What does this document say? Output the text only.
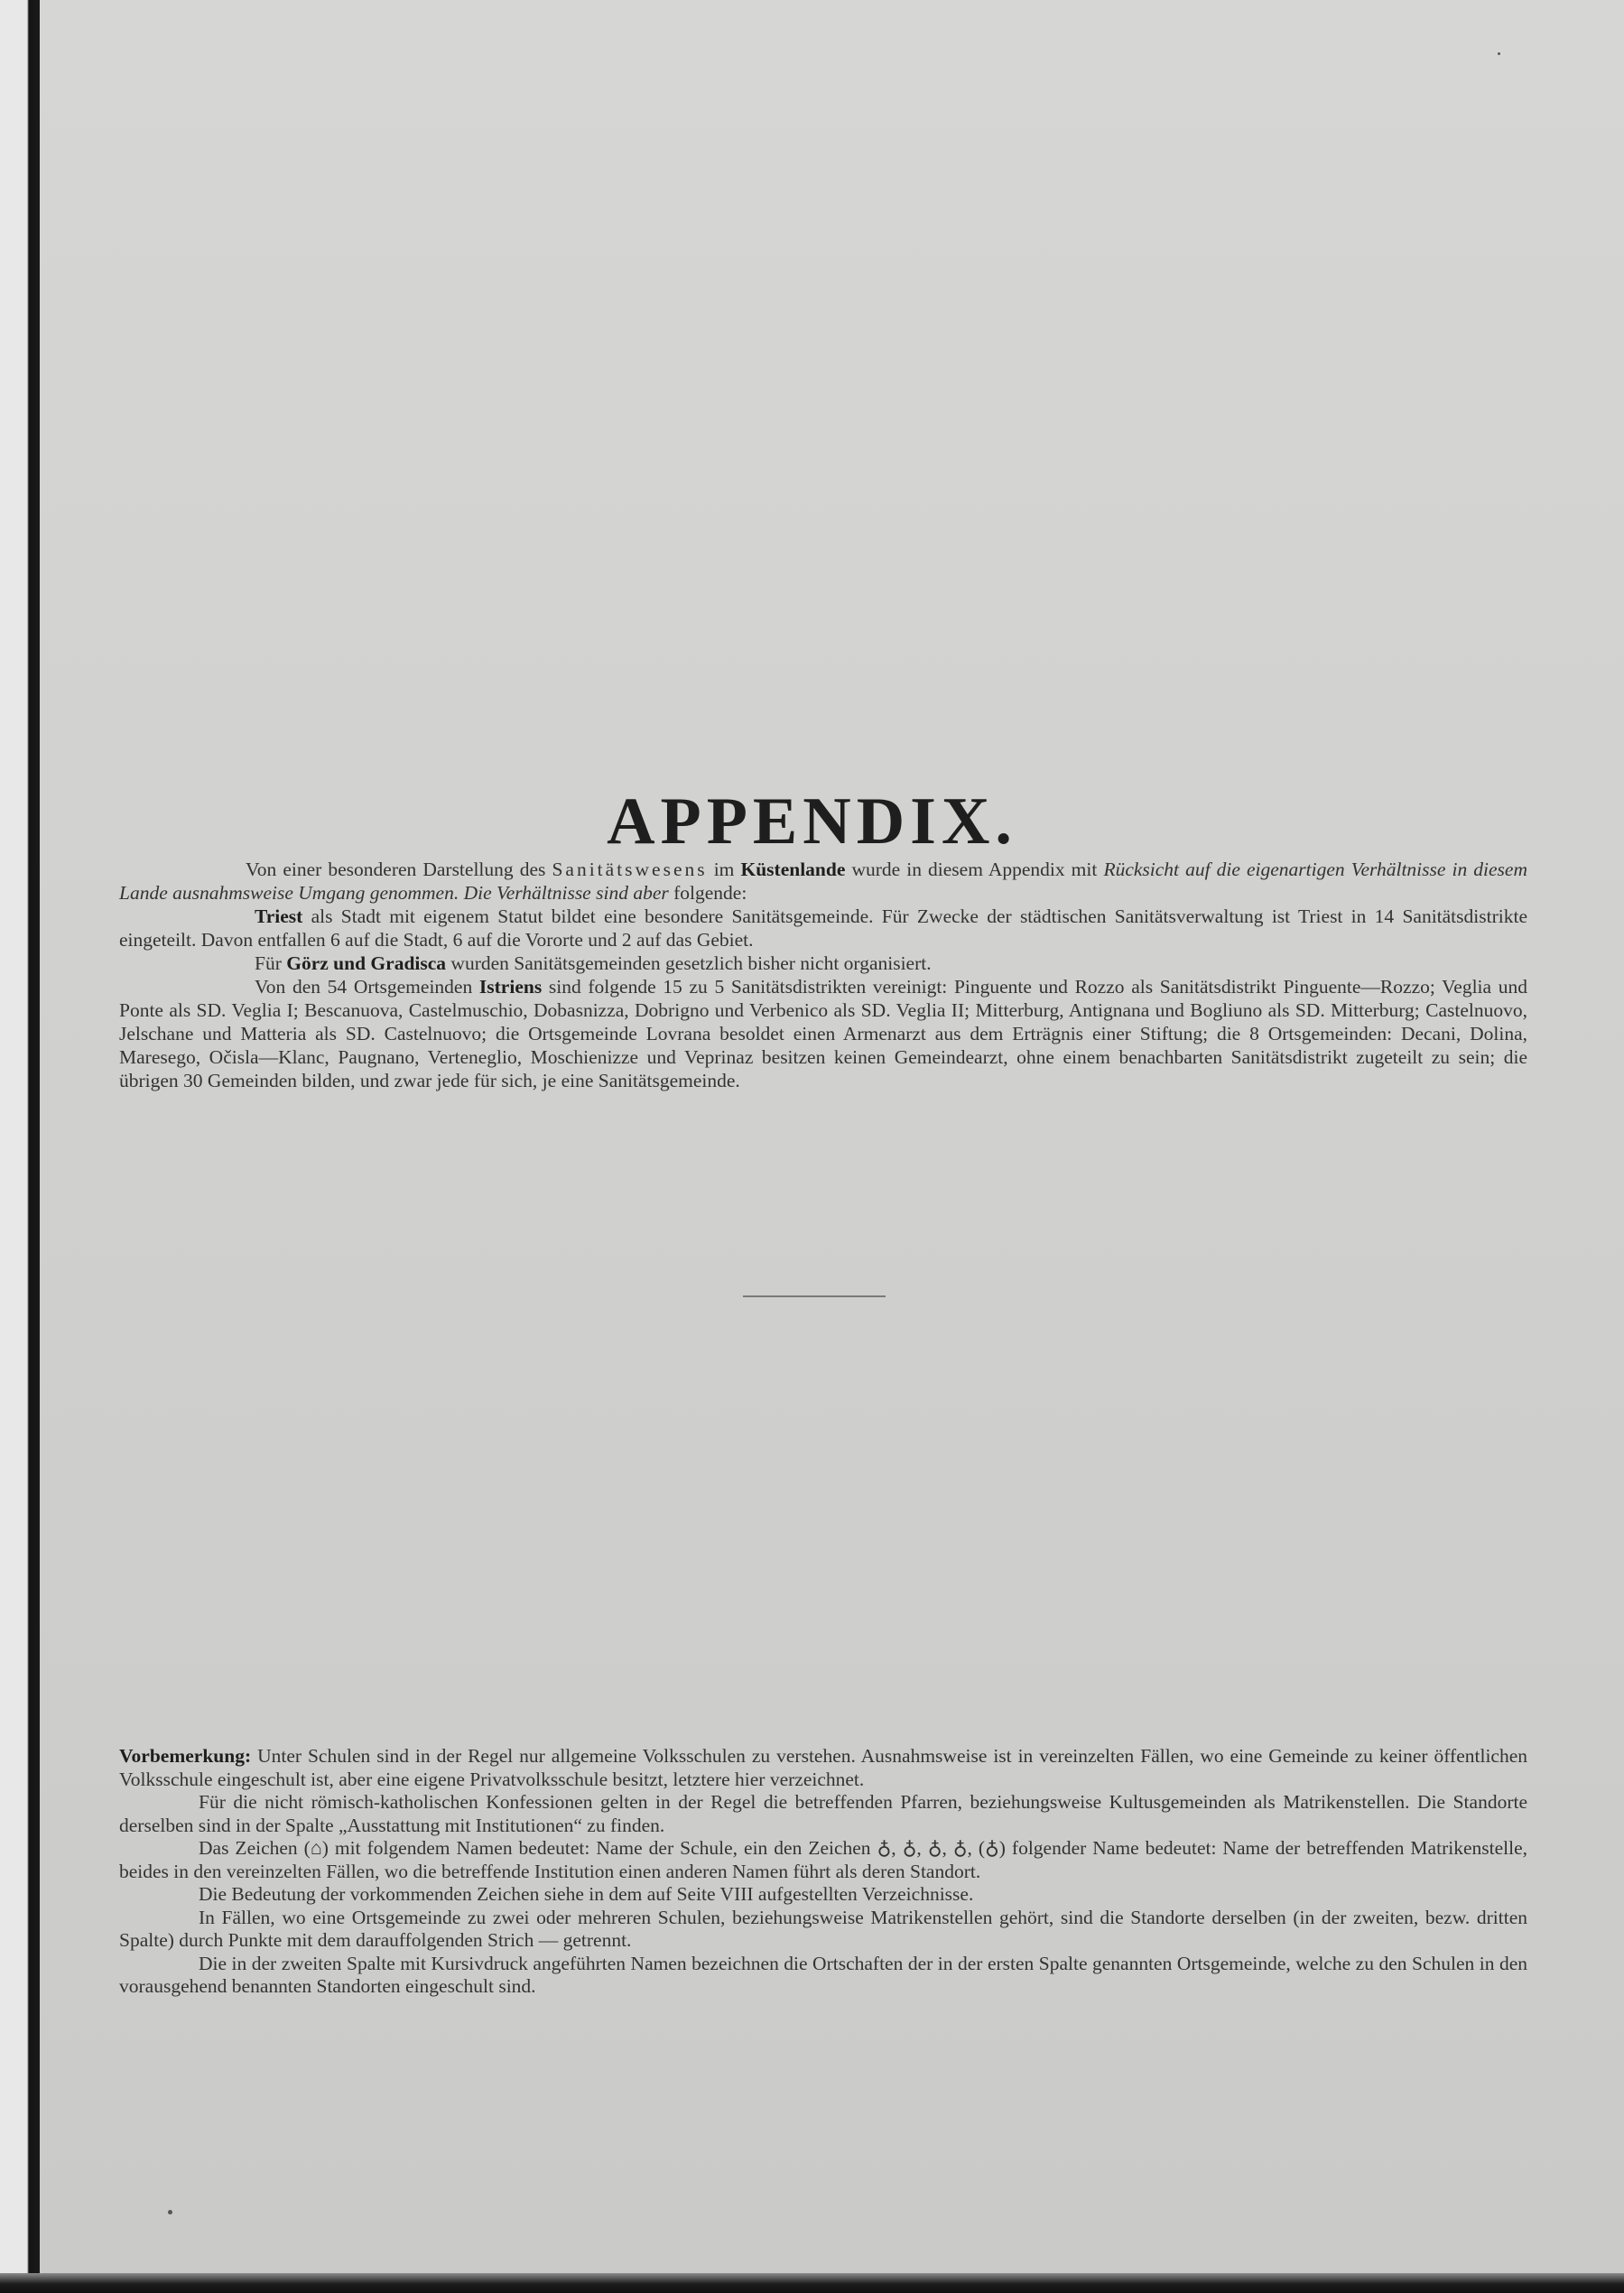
APPENDIX.

Von einer besonderen Darstellung des Sanitätswesens im Küstenlande wurde in diesem Appendix mit Rücksicht auf die eigenartigen Verhältnisse in diesem Lande ausnahmsweise Umgang genommen. Die Verhältnisse sind aber folgende:

Triest als Stadt mit eigenem Statut bildet eine besondere Sanitätsgemeinde. Für Zwecke der städtischen Sanitätsverwaltung ist Triest in 14 Sanitätsdistrikte eingeteilt. Davon entfallen 6 auf die Stadt, 6 auf die Vororte und 2 auf das Gebiet.

Für Görz und Gradisca wurden Sanitätsgemeinden gesetzlich bisher nicht organisiert.

Von den 54 Ortsgemeinden Istriens sind folgende 15 zu 5 Sanitätsdistrikten vereinigt: Pinguente und Rozzo als Sanitätsdistrikt Pinguente—Rozzo; Veglia und Ponte als SD. Veglia I; Bescanuova, Castelmuschio, Dobasnizza, Dobrigno und Verbenico als SD. Veglia II; Mitterburg, Antignana und Bogliuno als SD. Mitterburg; Castelnuovo, Jelschane und Matteria als SD. Castelnuovo; die Ortsgemeinde Lovrana besoldet einen Armenarzt aus dem Erträgnis einer Stiftung; die 8 Ortsgemeinden: Decani, Dolina, Maresego, Očisla—Klanc, Paugnano, Verteneglio, Moschienizze und Veprinaz besitzen keinen Gemeindearzt, ohne einem benachbarten Sanitätsdistrikt zugeteilt zu sein; die übrigen 30 Gemeinden bilden, und zwar jede für sich, je eine Sanitätsgemeinde.

Vorbemerkung: Unter Schulen sind in der Regel nur allgemeine Volksschulen zu verstehen. Ausnahmsweise ist in vereinzelten Fällen, wo eine Gemeinde zu keiner öffentlichen Volksschule eingeschult ist, aber eine eigene Privatvolksschule besitzt, letztere hier verzeichnet.

Für die nicht römisch-katholischen Konfessionen gelten in der Regel die betreffenden Pfarren, beziehungsweise Kultusgemeinden als Matrikenstellen. Die Standorte derselben sind in der Spalte „Ausstattung mit Institutionen“ zu finden.

Das Zeichen (⌂) mit folgendem Namen bedeutet: Name der Schule, ein den Zeichen ♁, ♁, ♁, ♁, (♁) folgender Name bedeutet: Name der betreffenden Matrikenstelle, beides in den vereinzelten Fällen, wo die betreffende Institution einen anderen Namen führt als deren Standort.

Die Bedeutung der vorkommenden Zeichen siehe in dem auf Seite VIII aufgestellten Verzeichnisse.

In Fällen, wo eine Ortsgemeinde zu zwei oder mehreren Schulen, beziehungsweise Matrikenstellen gehört, sind die Standorte derselben (in der zweiten, bezw. dritten Spalte) durch Punkte mit dem darauffolgenden Strich — getrennt.

Die in der zweiten Spalte mit Kursivdruck angeführten Namen bezeichnen die Ortschaften der in der ersten Spalte genannten Ortsgemeinde, welche zu den Schulen in den vorausgehend benannten Standorten eingeschult sind.
